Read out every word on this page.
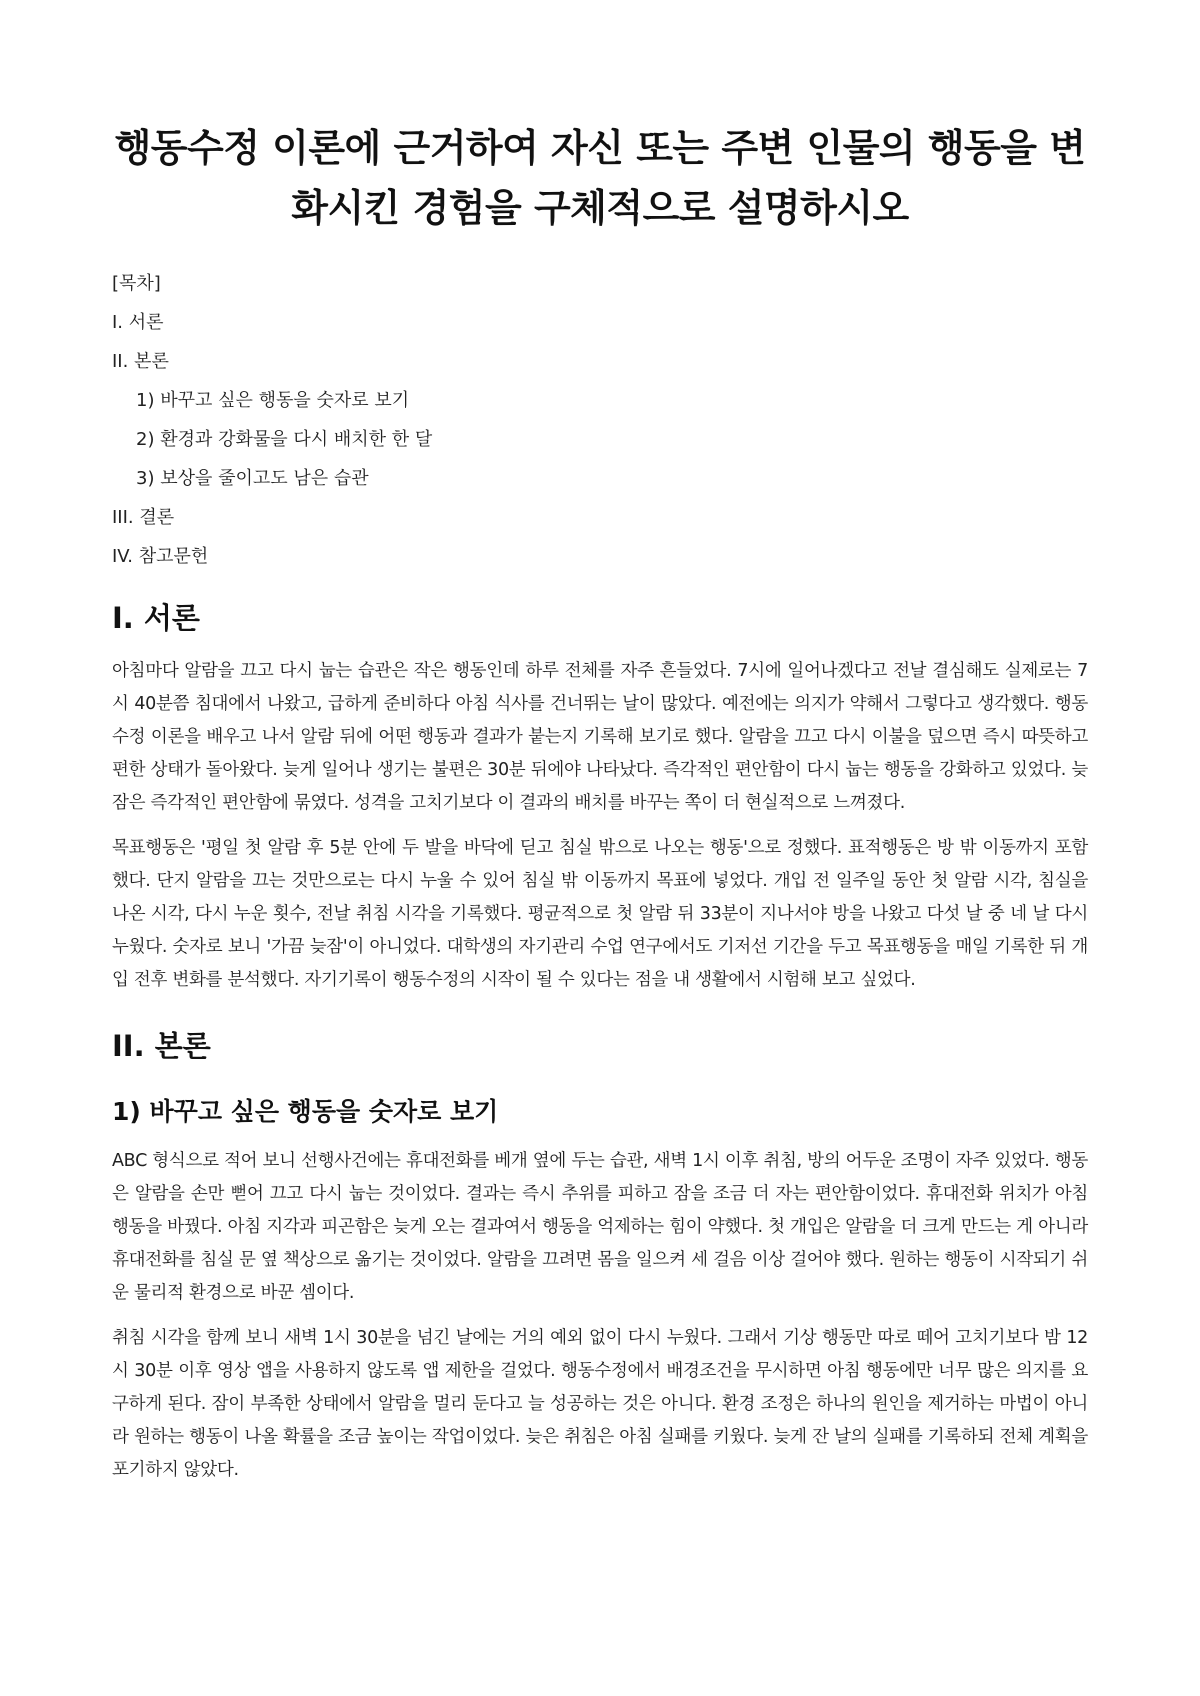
행동수정 이론에 근거하여 자신 또는 주변 인물의 행동을 변화시킨 경험을 구체적으로 설명하시오
[목차]
I. 서론
II. 본론
1) 바꾸고 싶은 행동을 숫자로 보기
2) 환경과 강화물을 다시 배치한 한 달
3) 보상을 줄이고도 남은 습관
III. 결론
IV. 참고문헌
I. 서론

아침마다 알람을 끄고 다시 눕는 습관은 작은 행동인데 하루 전체를 자주 흔들었다. 7시에 일어나겠다고 전날 결심해도 실제로는 7시 40분쯤 침대에서 나왔고, 급하게 준비하다 아침 식사를 건너뛰는 날이 많았다. 예전에는 의지가 약해서 그렇다고 생각했다. 행동수정 이론을 배우고 나서 알람 뒤에 어떤 행동과 결과가 붙는지 기록해 보기로 했다. 알람을 끄고 다시 이불을 덮으면 즉시 따뜻하고 편한 상태가 돌아왔다. 늦게 일어나 생기는 불편은 30분 뒤에야 나타났다. 즉각적인 편안함이 다시 눕는 행동을 강화하고 있었다. 늦잠은 즉각적인 편안함에 묶였다. 성격을 고치기보다 이 결과의 배치를 바꾸는 쪽이 더 현실적으로 느껴졌다.

목표행동은 '평일 첫 알람 후 5분 안에 두 발을 바닥에 딛고 침실 밖으로 나오는 행동'으로 정했다. 표적행동은 방 밖 이동까지 포함했다. 단지 알람을 끄는 것만으로는 다시 누울 수 있어 침실 밖 이동까지 목표에 넣었다. 개입 전 일주일 동안 첫 알람 시각, 침실을 나온 시각, 다시 누운 횟수, 전날 취침 시각을 기록했다. 평균적으로 첫 알람 뒤 33분이 지나서야 방을 나왔고 다섯 날 중 네 날 다시 누웠다. 숫자로 보니 '가끔 늦잠'이 아니었다. 대학생의 자기관리 수업 연구에서도 기저선 기간을 두고 목표행동을 매일 기록한 뒤 개입 전후 변화를 분석했다. 자기기록이 행동수정의 시작이 될 수 있다는 점을 내 생활에서 시험해 보고 싶었다.

II. 본론
1) 바꾸고 싶은 행동을 숫자로 보기

ABC 형식으로 적어 보니 선행사건에는 휴대전화를 베개 옆에 두는 습관, 새벽 1시 이후 취침, 방의 어두운 조명이 자주 있었다. 행동은 알람을 손만 뻗어 끄고 다시 눕는 것이었다. 결과는 즉시 추위를 피하고 잠을 조금 더 자는 편안함이었다. 휴대전화 위치가 아침 행동을 바꿨다. 아침 지각과 피곤함은 늦게 오는 결과여서 행동을 억제하는 힘이 약했다. 첫 개입은 알람을 더 크게 만드는 게 아니라 휴대전화를 침실 문 옆 책상으로 옮기는 것이었다. 알람을 끄려면 몸을 일으켜 세 걸음 이상 걸어야 했다. 원하는 행동이 시작되기 쉬운 물리적 환경으로 바꾼 셈이다.

취침 시각을 함께 보니 새벽 1시 30분을 넘긴 날에는 거의 예외 없이 다시 누웠다. 그래서 기상 행동만 따로 떼어 고치기보다 밤 12시 30분 이후 영상 앱을 사용하지 않도록 앱 제한을 걸었다. 행동수정에서 배경조건을 무시하면 아침 행동에만 너무 많은 의지를 요구하게 된다. 잠이 부족한 상태에서 알람을 멀리 둔다고 늘 성공하는 것은 아니다. 환경 조정은 하나의 원인을 제거하는 마법이 아니라 원하는 행동이 나올 확률을 조금 높이는 작업이었다. 늦은 취침은 아침 실패를 키웠다. 늦게 잔 날의 실패를 기록하되 전체 계획을 포기하지 않았다.
